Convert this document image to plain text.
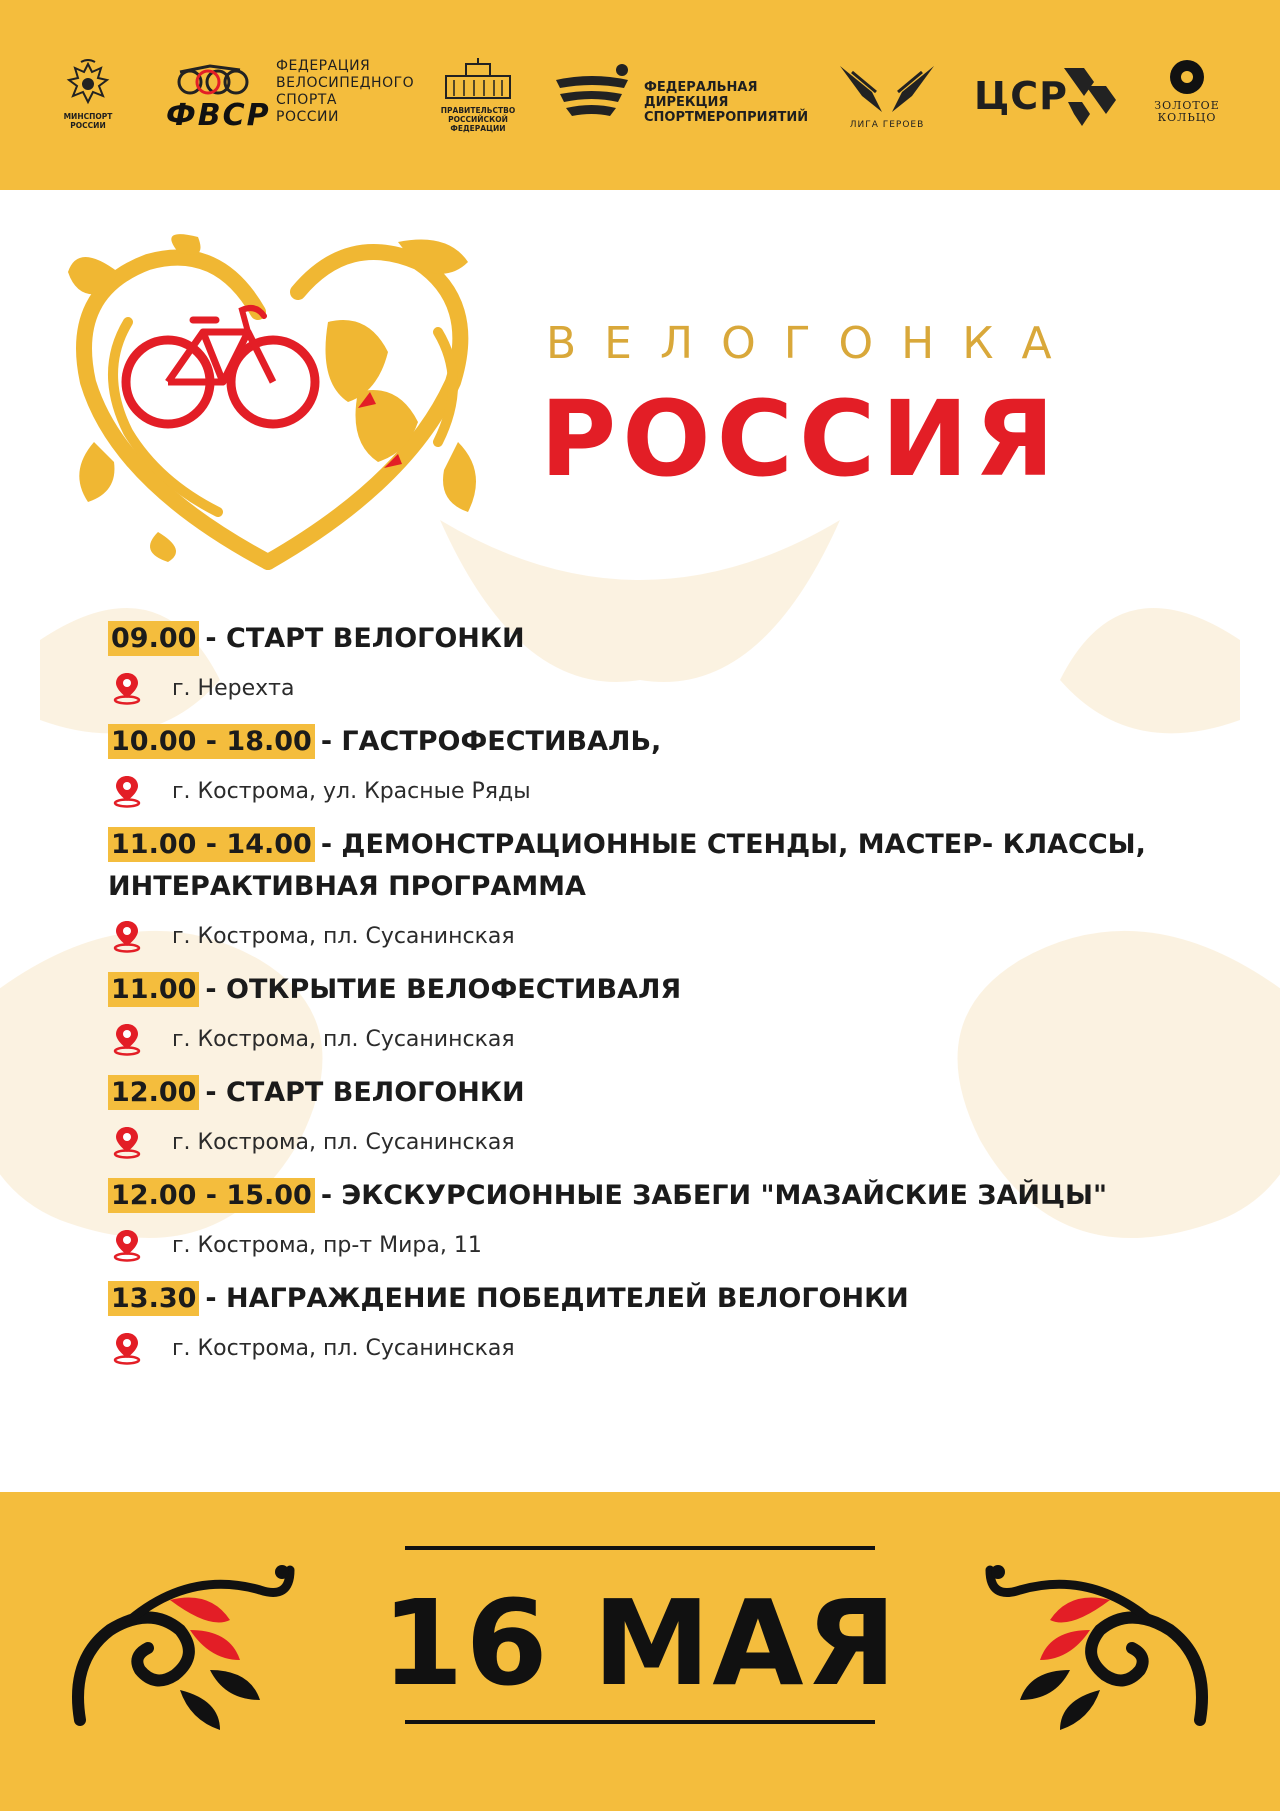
МИНСПОРТ РОССИИ	ФВСР
ФЕДЕРАЦИЯ
ВЕЛОСИПЕДНОГО
СПОРТА
РОССИИ	ПРАВИТЕЛЬСТВО
РОССИЙСКОЙ
ФЕДЕРАЦИИ
ФЕДЕРАЛЬНАЯ
ДИРЕКЦИЯ
СПОРТМЕРОПРИЯТИЙ	ЛИГА ГЕРОЕВ
ЦСР	ЗОЛОТОЕ
КОЛЬЦО
ВЕЛОГОНКА
РОССИЯ
09.00 - СТАРТ ВЕЛОГОНКИ
г. Нерехта
10.00 - 18.00 - ГАСТРОФЕСТИВАЛЬ,
г. Кострома, ул. Красные Ряды
11.00 - 14.00 - ДЕМОНСТРАЦИОННЫЕ СТЕНДЫ, МАСТЕР- КЛАССЫ, ИНТЕРАКТИВНАЯ ПРОГРАММА
г. Кострома, пл. Сусанинская
11.00 - ОТКРЫТИЕ ВЕЛОФЕСТИВАЛЯ
г. Кострома, пл. Сусанинская
12.00 - СТАРТ ВЕЛОГОНКИ
г. Кострома, пл. Сусанинская
12.00 - 15.00 - ЭКСКУРСИОННЫЕ ЗАБЕГИ "МАЗАЙСКИЕ ЗАЙЦЫ"
г. Кострома, пр-т Мира, 11
13.30 - НАГРАЖДЕНИЕ ПОБЕДИТЕЛЕЙ ВЕЛОГОНКИ
г. Кострома, пл. Сусанинская
16 МАЯ
